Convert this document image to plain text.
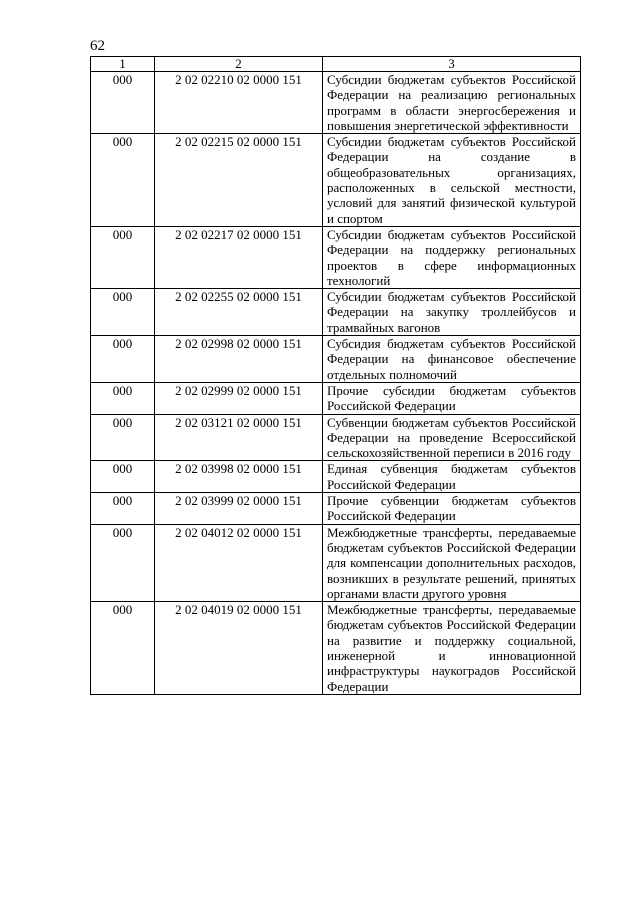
62
1	2	3
000	2 02 02210 02 0000 151	Субсидии бюджетам субъектов Российской Федерации на реализацию региональных программ в области энергосбережения и повышения энергетической эффективности
000	2 02 02215 02 0000 151	Субсидии бюджетам субъектов Российской Федерации на создание в общеобразовательных организациях, расположенных в сельской местности, условий для занятий физической культурой и спортом
000	2 02 02217 02 0000 151	Субсидии бюджетам субъектов Российской Федерации на поддержку региональных проектов в сфере информационных технологий
000	2 02 02255 02 0000 151	Субсидии бюджетам субъектов Российской Федерации на закупку троллейбусов и трамвайных вагонов
000	2 02 02998 02 0000 151	Субсидия бюджетам субъектов Российской Федерации на финансовое обеспечение отдельных полномочий
000	2 02 02999 02 0000 151	Прочие субсидии бюджетам субъектов Российской Федерации
000	2 02 03121 02 0000 151	Субвенции бюджетам субъектов Российской Федерации на проведение Всероссийской сельскохозяйственной переписи в 2016 году
000	2 02 03998 02 0000 151	Единая субвенция бюджетам субъектов Российской Федерации
000	2 02 03999 02 0000 151	Прочие субвенции бюджетам субъектов Российской Федерации
000	2 02 04012 02 0000 151	Межбюджетные трансферты, передаваемые бюджетам субъектов Российской Федерации для компенсации дополнительных расходов, возникших в результате решений, принятых органами власти другого уровня
000	2 02 04019 02 0000 151	Межбюджетные трансферты, передаваемые бюджетам субъектов Российской Федерации на развитие и поддержку социальной, инженерной и инновационной инфраструктуры наукоградов Российской Федерации
